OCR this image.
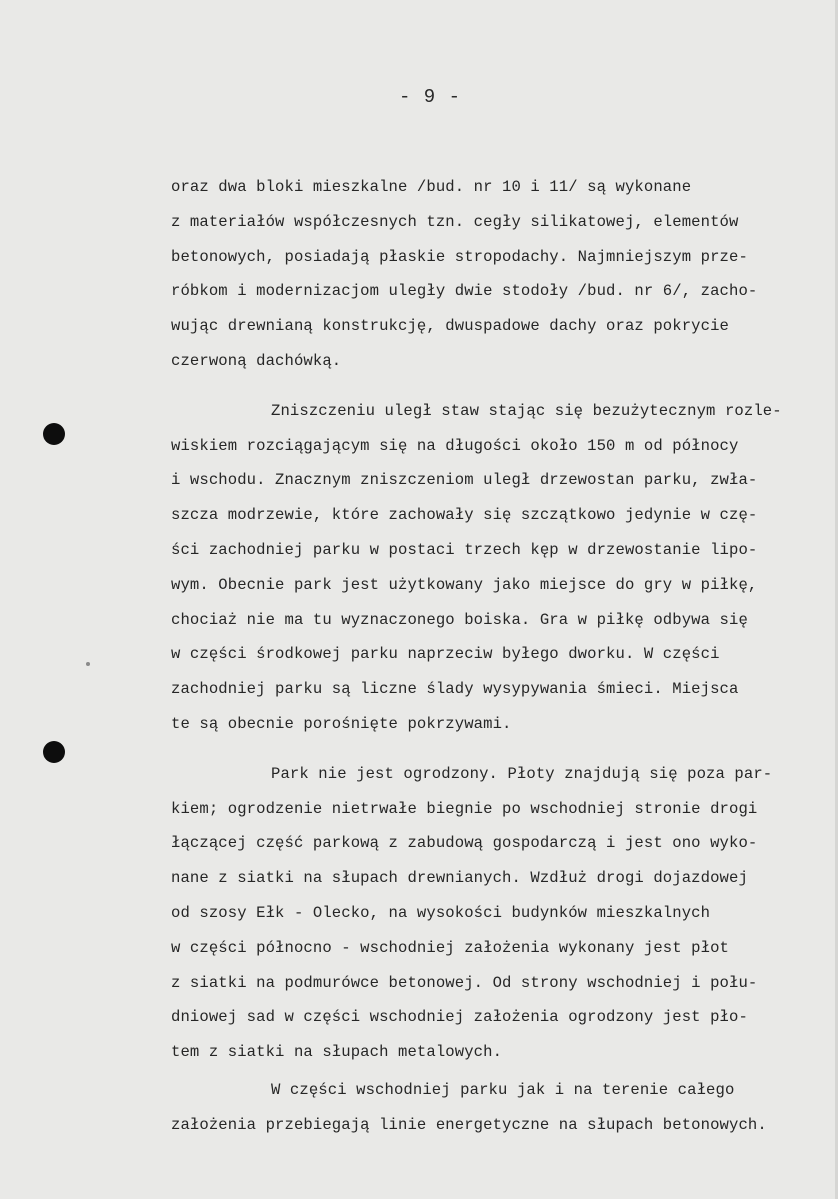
- 9 -
oraz dwa bloki mieszkalne /bud. nr 10 i 11/ są wykonane
z materiałów współczesnych tzn. cegły silikatowej, elementów
betonowych, posiadają płaskie stropodachy. Najmniejszym prze-
róbkom i modernizacjom uległy dwie stodoły /bud. nr 6/, zacho-
wując drewnianą konstrukcję, dwuspadowe dachy oraz pokrycie
czerwoną dachówką.
Zniszczeniu uległ staw stając się bezużytecznym rozle-
wiskiem rozciągającym się na długości około 150 m od północy
i wschodu. Znacznym zniszczeniom uległ drzewostan parku, zwła-
szcza modrzewie, które zachowały się szczątkowo jedynie w czę-
ści zachodniej parku w postaci trzech kęp w drzewostanie lipo-
wym. Obecnie park jest użytkowany jako miejsce do gry w piłkę,
chociaż nie ma tu wyznaczonego boiska. Gra w piłkę odbywa się
w części środkowej parku naprzeciw byłego dworku. W części
zachodniej parku są liczne ślady wysypywania śmieci. Miejsca
te są obecnie porośnięte pokrzywami.
Park nie jest ogrodzony. Płoty znajdują się poza par-
kiem; ogrodzenie nietrwałe biegnie po wschodniej stronie drogi
łączącej część parkową z zabudową gospodarczą i jest ono wyko-
nane z siatki na słupach drewnianych. Wzdłuż drogi dojazdowej
od szosy Ełk - Olecko, na wysokości budynków mieszkalnych
w części północno - wschodniej założenia wykonany jest płot
z siatki na podmurówce betonowej. Od strony wschodniej i połu-
dniowej sad w części wschodniej założenia ogrodzony jest pło-
tem z siatki na słupach metalowych.
W części wschodniej parku jak i na terenie całego
założenia przebiegają linie energetyczne na słupach betonowych.
